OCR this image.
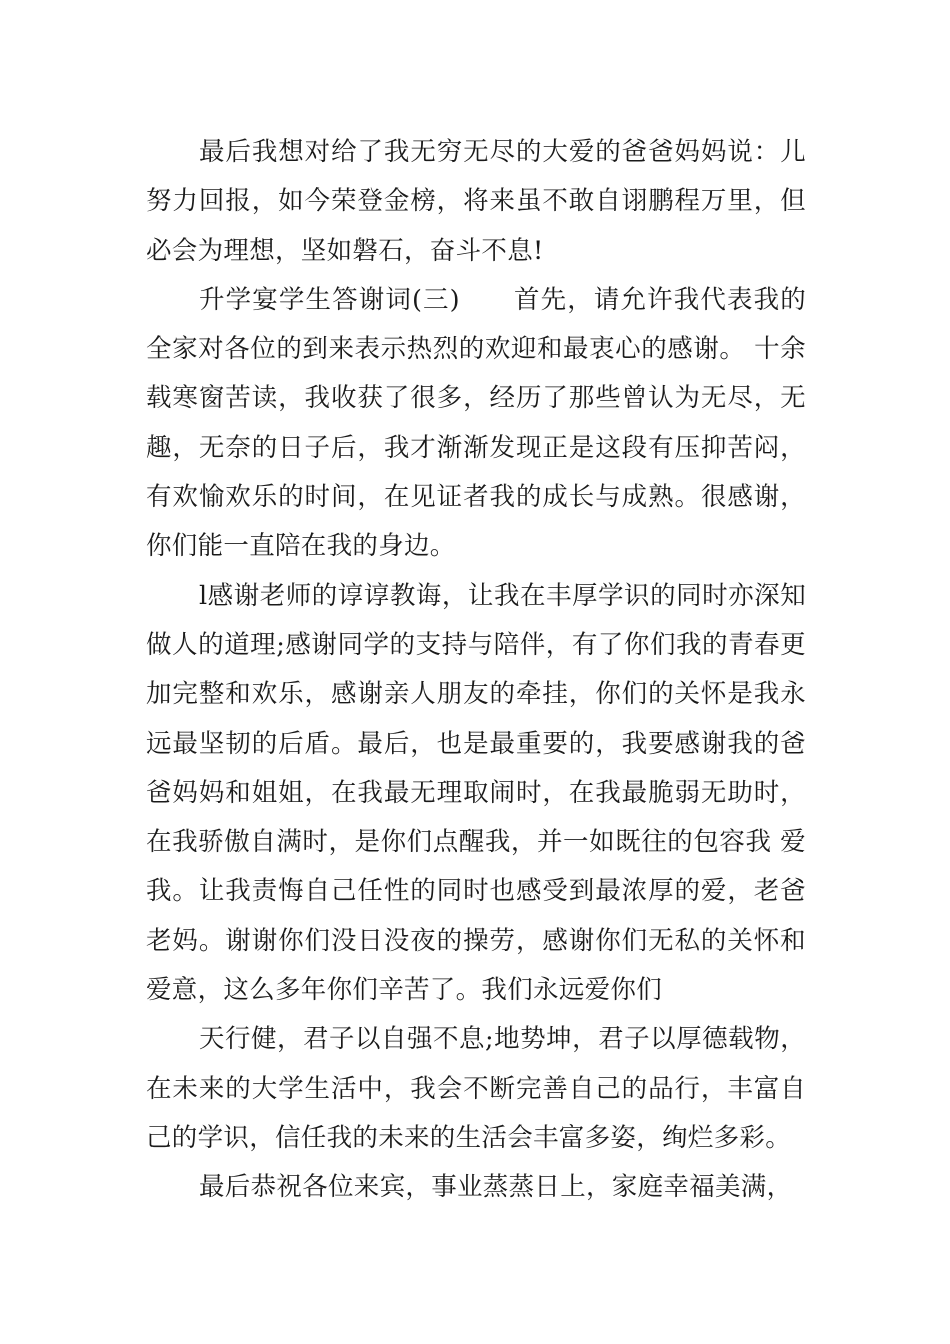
最后我想对给了我无穷无尽的大爱的爸爸妈妈说：儿努力回报，如今荣登金榜，将来虽不敢自诩鹏程万里，但必会为理想，坚如磐石，奋斗不息!

升学宴学生答谢词(三)　　首先，请允许我代表我的全家对各位的到来表示热烈的欢迎和最衷心的感谢。 十余载寒窗苦读，我收获了很多，经历了那些曾认为无尽，无趣，无奈的日子后，我才渐渐发现正是这段有压抑苦闷，有欢愉欢乐的时间，在见证者我的成长与成熟。很感谢，你们能一直陪在我的身边。

l感谢老师的谆谆教诲，让我在丰厚学识的同时亦深知做人的道理;感谢同学的支持与陪伴，有了你们我的青春更加完整和欢乐，感谢亲人朋友的牵挂，你们的关怀是我永远最坚韧的后盾。最后，也是最重要的，我要感谢我的爸爸妈妈和姐姐，在我最无理取闹时，在我最脆弱无助时，在我骄傲自满时，是你们点醒我，并一如既往的包容我 爱我。让我责悔自己任性的同时也感受到最浓厚的爱，老爸老妈。谢谢你们没日没夜的操劳，感谢你们无私的关怀和爱意，这么多年你们辛苦了。我们永远爱你们

天行健，君子以自强不息;地势坤，君子以厚德载物，在未来的大学生活中，我会不断完善自己的品行，丰富自己的学识，信任我的未来的生活会丰富多姿，绚烂多彩。

最后恭祝各位来宾，事业蒸蒸日上，家庭幸福美满，
